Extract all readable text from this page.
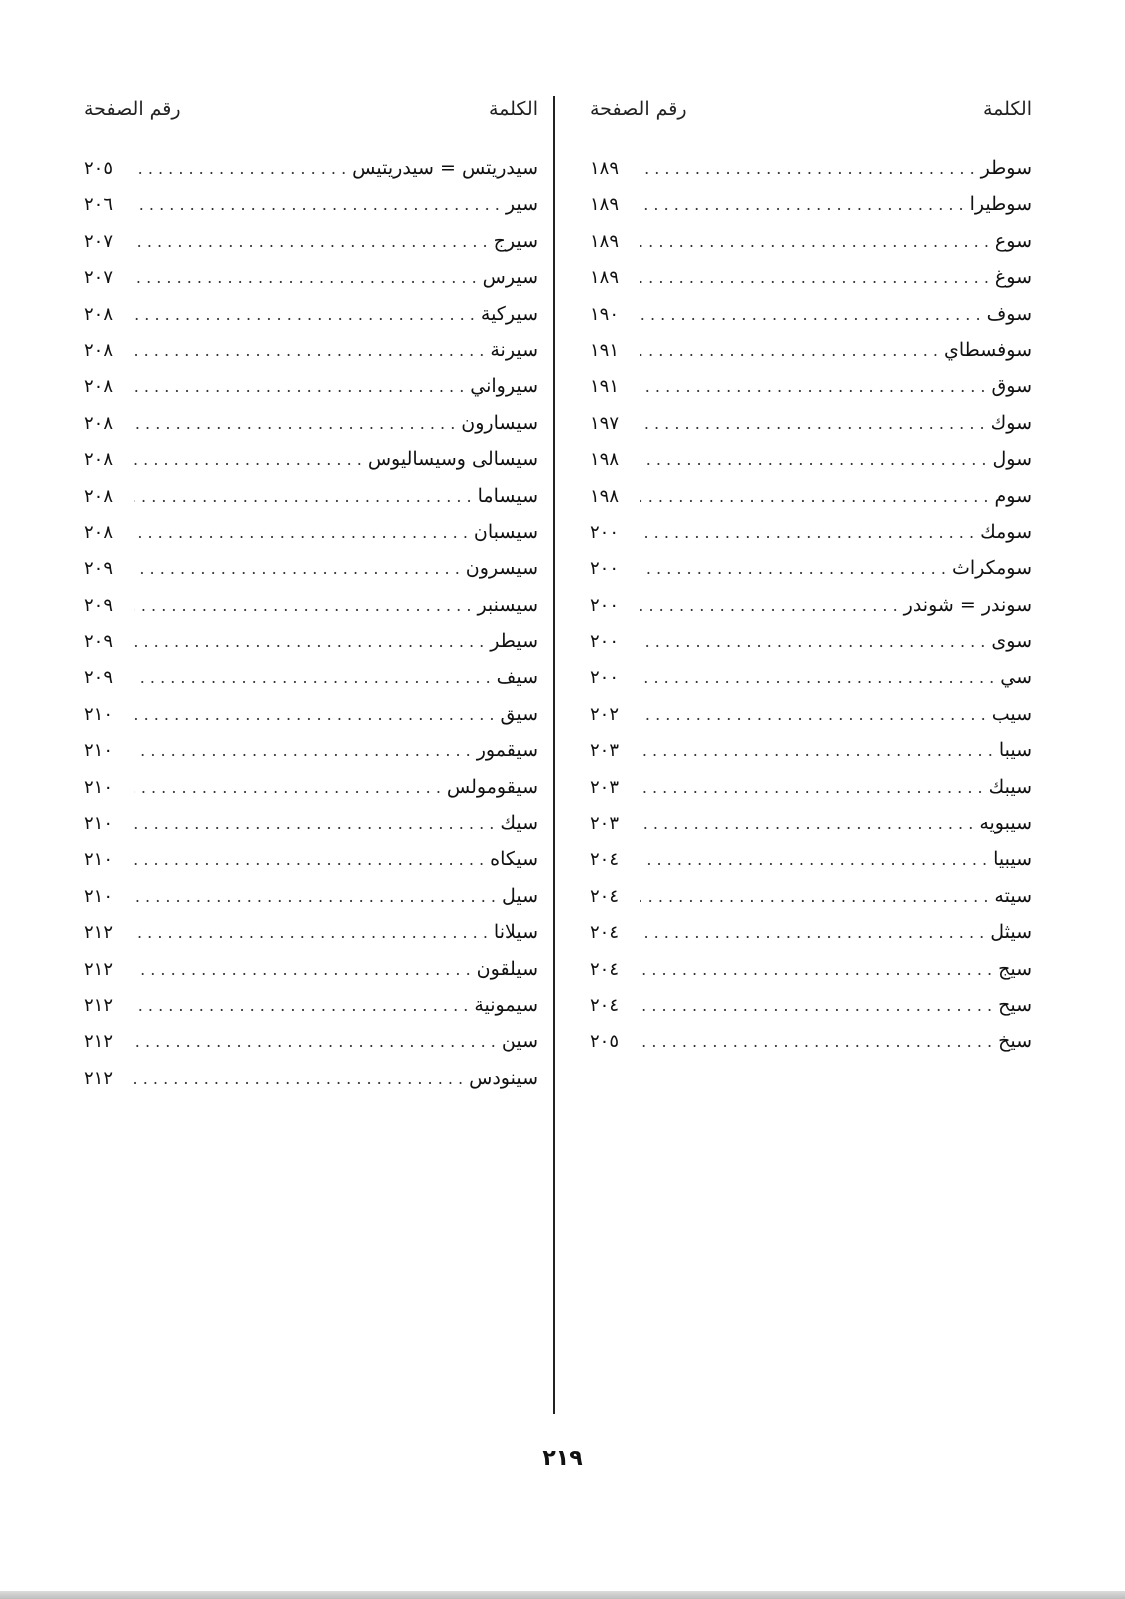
الكلمة
رقم الصفحة
سوطر
. . .
١٨٩
سوطيرا
. . .
١٨٩
سوع
. . .
١٨٩
سوغ
. . .
١٨٩
سوف
. . .
١٩٠
سوفسطاي
. . .
١٩١
سوق
. . .
١٩١
سوك
. . .
١٩٧
سول
. . .
١٩٨
سوم
. . .
١٩٨
سومك
. . .
٢٠٠
سومكراث
. . .
٢٠٠
سوندر = شوندر
. . .
٢٠٠
سوى
. . .
٢٠٠
سي
. . .
٢٠٠
سيب
. . .
٢٠٢
سيبا
. . .
٢٠٣
سيبك
. . .
٢٠٣
سيبويه
. . .
٢٠٣
سيبيا
. . .
٢٠٤
سيته
. . .
٢٠٤
سيثل
. . .
٢٠٤
سيج
. . .
٢٠٤
سيح
. . .
٢٠٤
سيخ
. . .
٢٠٥
الكلمة
رقم الصفحة
سيدريتس = سيدريتيس
. . .
٢٠٥
سير
. . .
٢٠٦
سيرج
. . .
٢٠٧
سيرس
. . .
٢٠٧
سيركية
. . .
٢٠٨
سيرنة
. . .
٢٠٨
سيرواني
. . .
٢٠٨
سيسارون
. . .
٢٠٨
سيسالى وسيساليوس
. . .
٢٠٨
سيساما
. . .
٢٠٨
سيسبان
. . .
٢٠٨
سيسرون
. . .
٢٠٩
سيسنبر
. . .
٢٠٩
سيطر
. . .
٢٠٩
سيف
. . .
٢٠٩
سيق
. . .
٢١٠
سيقمور
. . .
٢١٠
سيقومولس
. . .
٢١٠
سيك
. . .
٢١٠
سيكاه
. . .
٢١٠
سيل
. . .
٢١٠
سيلانا
. . .
٢١٢
سيلقون
. . .
٢١٢
سيمونية
. . .
٢١٢
سين
. . .
٢١٢
سينودس
. . .
٢١٢
٢١٩
